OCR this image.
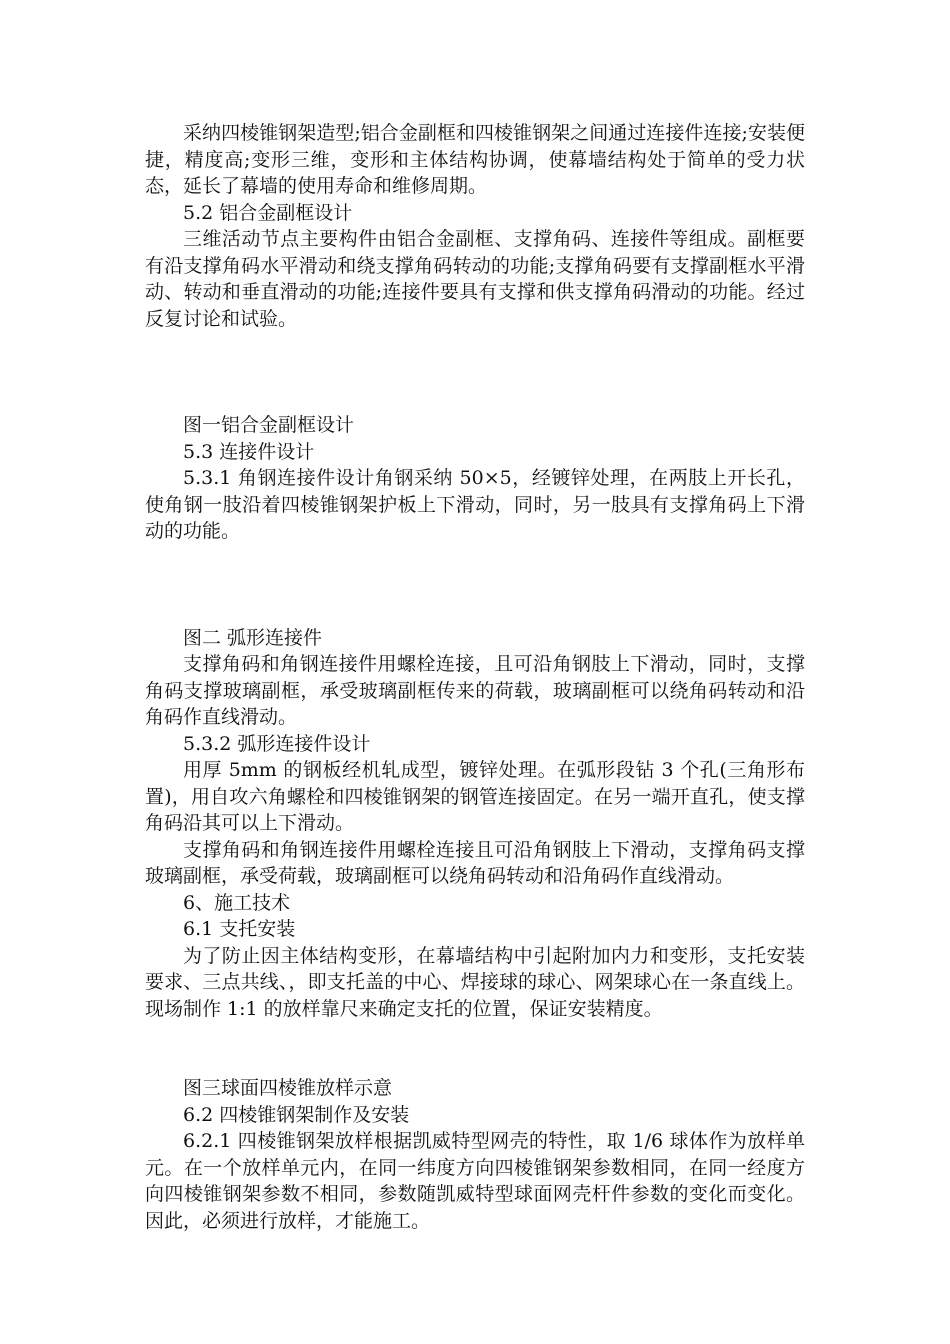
采纳四棱锥钢架造型;铝合金副框和四棱锥钢架之间通过连接件连接;安装便捷，精度高;变形三维，变形和主体结构协调，使幕墙结构处于简单的受力状态，延长了幕墙的使用寿命和维修周期。

5.2 铝合金副框设计

三维活动节点主要构件由铝合金副框、支撑角码、连接件等组成。副框要有沿支撑角码水平滑动和绕支撑角码转动的功能;支撑角码要有支撑副框水平滑动、转动和垂直滑动的功能;连接件要具有支撑和供支撑角码滑动的功能。经过反复讨论和试验。

图一铝合金副框设计

5.3 连接件设计

5.3.1 角钢连接件设计角钢采纳 50×5，经镀锌处理，在两肢上开长孔，使角钢一肢沿着四棱锥钢架护板上下滑动，同时，另一肢具有支撑角码上下滑动的功能。

图二 弧形连接件

支撑角码和角钢连接件用螺栓连接，且可沿角钢肢上下滑动，同时，支撑角码支撑玻璃副框，承受玻璃副框传来的荷载，玻璃副框可以绕角码转动和沿角码作直线滑动。

5.3.2 弧形连接件设计

用厚 5mm 的钢板经机轧成型，镀锌处理。在弧形段钻 3 个孔(三角形布置)，用自攻六角螺栓和四棱锥钢架的钢管连接固定。在另一端开直孔，使支撑角码沿其可以上下滑动。

支撑角码和角钢连接件用螺栓连接且可沿角钢肢上下滑动，支撑角码支撑玻璃副框，承受荷载，玻璃副框可以绕角码转动和沿角码作直线滑动。

6、施工技术

6.1 支托安装

为了防止因主体结构变形，在幕墙结构中引起附加内力和变形，支托安装要求、三点共线、，即支托盖的中心、焊接球的球心、网架球心在一条直线上。现场制作 1:1 的放样靠尺来确定支托的位置，保证安装精度。

图三球面四棱锥放样示意

6.2 四棱锥钢架制作及安装

6.2.1 四棱锥钢架放样根据凯威特型网壳的特性，取 1/6 球体作为放样单元。在一个放样单元内，在同一纬度方向四棱锥钢架参数相同，在同一经度方向四棱锥钢架参数不相同，参数随凯威特型球面网壳杆件参数的变化而变化。因此，必须进行放样，才能施工。
